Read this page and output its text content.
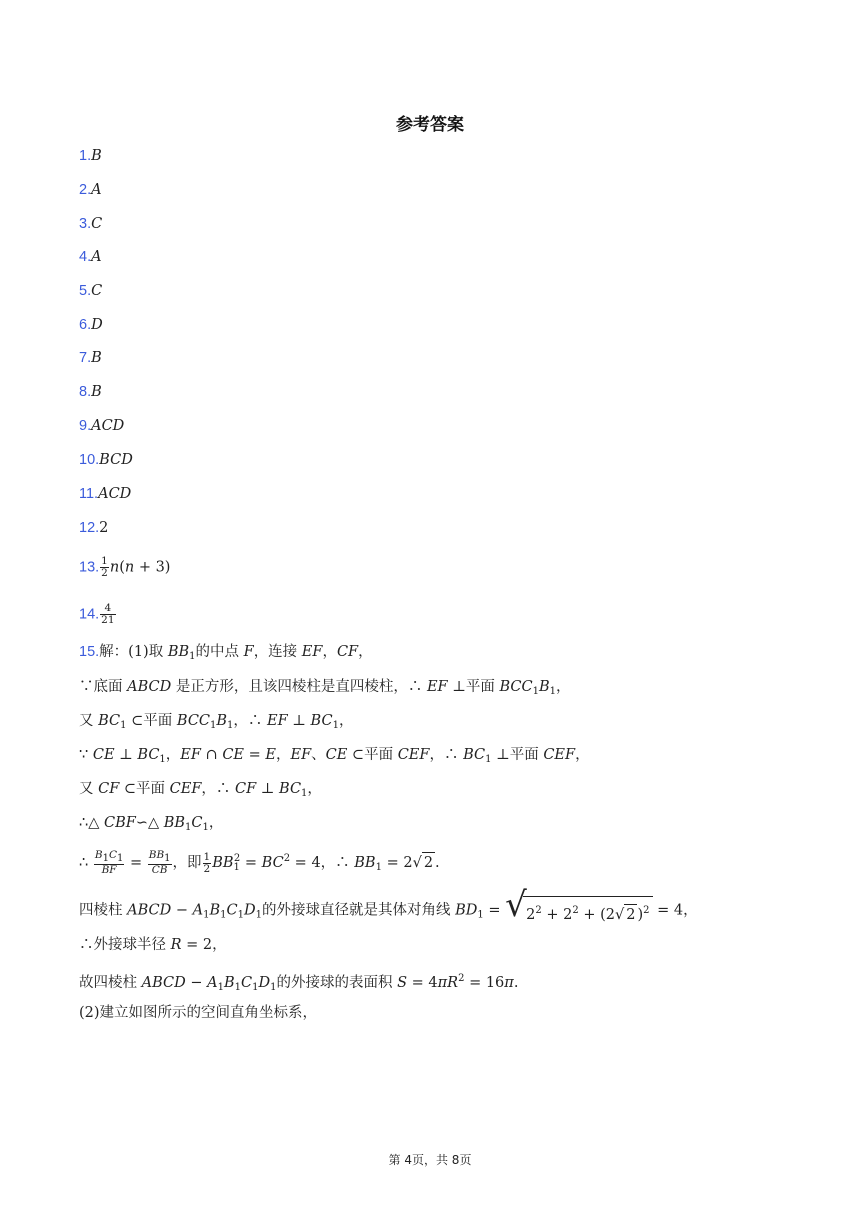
参考答案
1.B
2.A
3.C
4.A
5.C
6.D
7.B
8.B
9.ACD
10.BCD
11.ACD
12.2
13. $\frac{1}{2} n(n + 3)$
14. $\frac{4}{21}$
15.解：(1)取 $BB_1$的中点 F，连接 EF，CF，
∵底面 ABCD 是正方形，且该四棱柱是直四棱柱，∴ EF ⊥平面 $BCC_1B_1$，
又 $BC_1$ ⊂平面 $BCC_1B_1$，∴ EF ⊥ $BC_1$，
∵ CE ⊥ $BC_1$，EF ∩ CE = E，EF、CE ⊂平面 CEF，∴ $BC_1$ ⊥平面 CEF，
又 CF ⊂平面 CEF，∴ CF ⊥ $BC_1$，
∴△ CBF∽△ $BB_1C_1$，
∴ $\frac{B1C1}{BF} = \frac{BB1}{CB}$ ，即 $\frac{1}{2} BB_1^2 = BC^2 = 4$，∴ $BB_1 = 2√$ 2 .
四棱柱 ABCD − $A_1B_1C_1D_1$的外接球直径就是其体对角线 $BD_1$ = √ $2^2 + 2^2 + (2√$ 2 )$^2$ = 4，
∴外接球半径 R = 2，
故四棱柱 ABCD − $A_1B_1C_1D_1$的外接球的表面积 $S = 4\pi R^2 = 16\pi$.
(2)建立如图所示的空间直角坐标系，
第 4页，共 8页
